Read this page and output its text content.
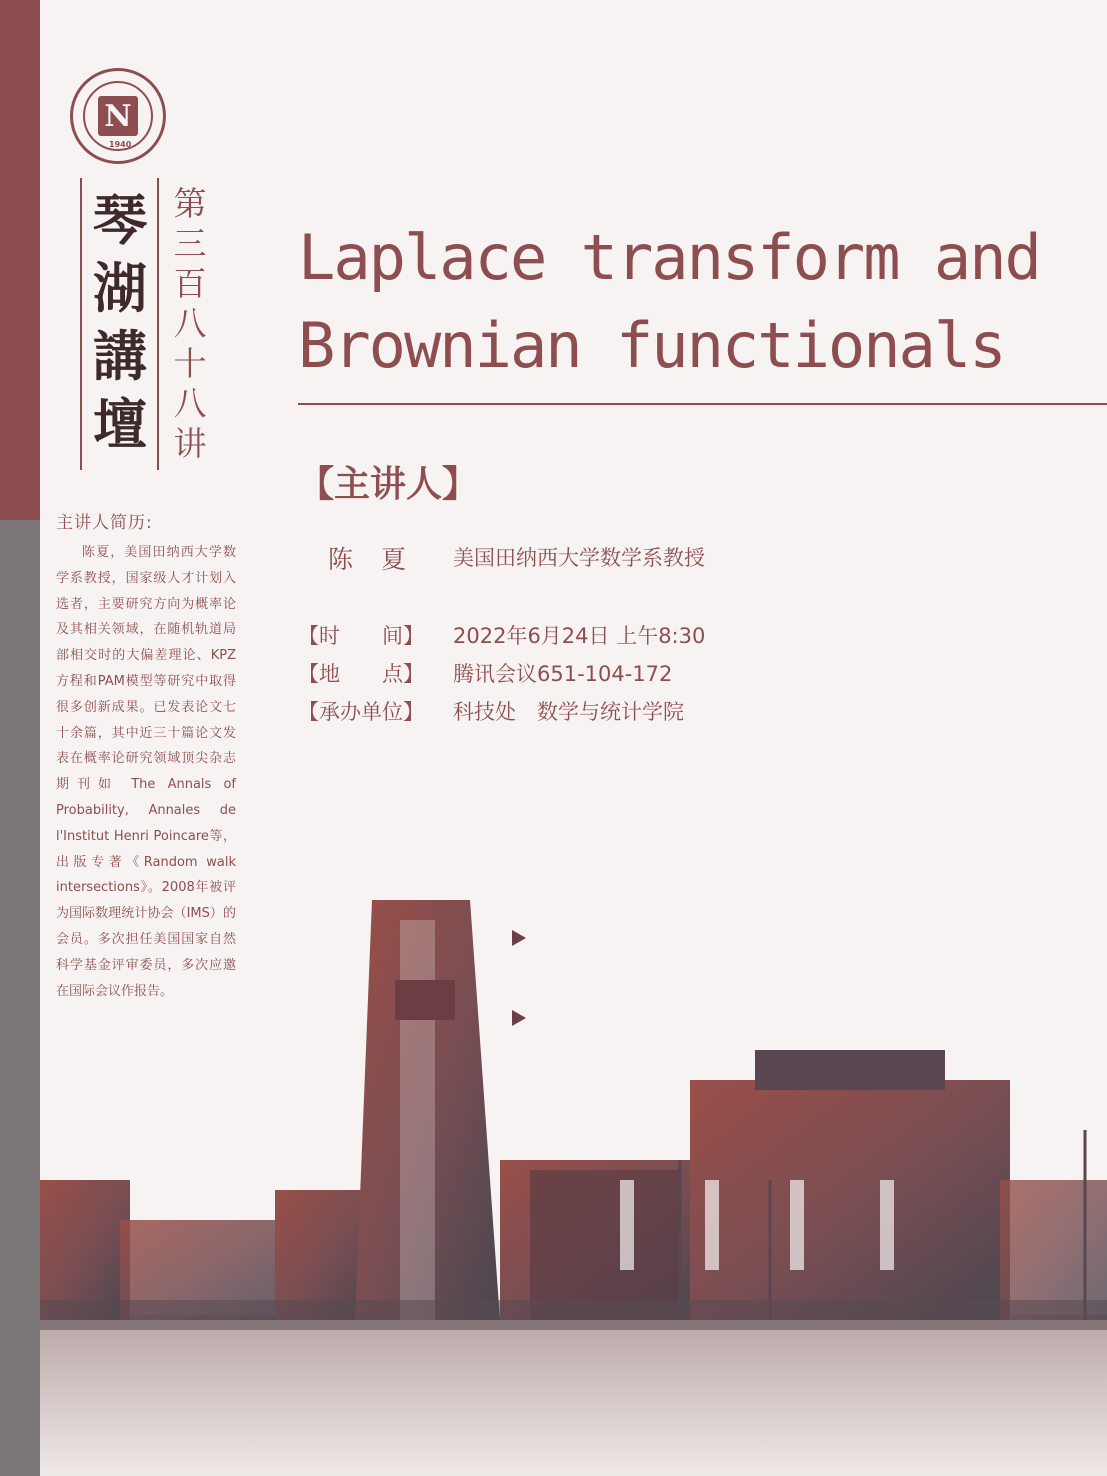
N
1940
琴湖講壇
第三百八十八讲
主讲人简历:
陈夏，美国田纳西大学数学系教授，国家级人才计划入选者，主要研究方向为概率论及其相关领域，在随机轨道局部相交时的大偏差理论、KPZ方程和PAM模型等研究中取得很多创新成果。已发表论文七十余篇，其中近三十篇论文发表在概率论研究领域顶尖杂志期刊如 The Annals of Probability, Annales de l'Institut Henri Poincare等，出版专著《Random walk intersections》。2008年被评为国际数理统计协会（IMS）的会员。多次担任美国国家自然科学基金评审委员，多次应邀在国际会议作报告。
Laplace transform and Brownian functionals
【主讲人】
陈夏 美国田纳西大学数学系教授
【时　　间】	2022年6月24日 上午8:30
【地　　点】	腾讯会议651-104-172
【承办单位】	科技处　数学与统计学院
